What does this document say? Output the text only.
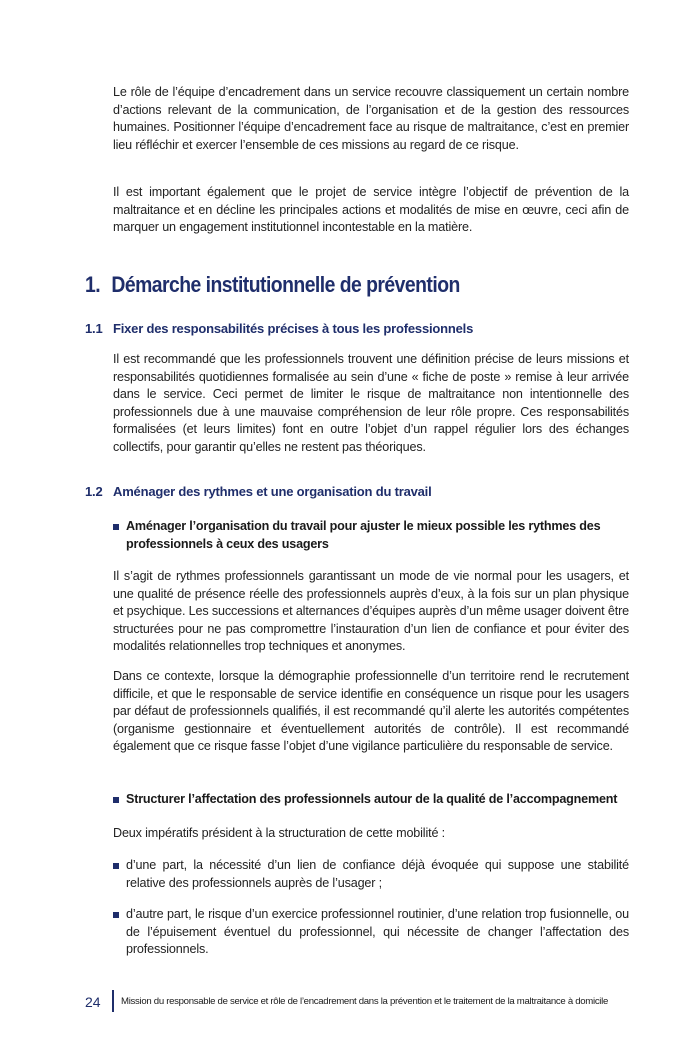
Le rôle de l’équipe d’encadrement dans un service recouvre classiquement un certain nombre d’actions relevant de la communication, de l’organisation et de la gestion des ressources humaines. Positionner l’équipe d’encadrement face au risque de maltraitance, c’est en premier lieu réfléchir et exercer l’ensemble de ces missions au regard de ce risque.

Il est important également que le projet de service intègre l’objectif de prévention de la maltraitance et en décline les principales actions et modalités de mise en œuvre, ceci afin de marquer un engagement institutionnel incontestable en la matière.

1. Démarche institutionnelle de prévention
1.1 Fixer des responsabilités précises à tous les professionnels

Il est recommandé que les professionnels trouvent une définition précise de leurs missions et responsabilités quotidiennes formalisée au sein d’une « fiche de poste » remise à leur arrivée dans le service. Ceci permet de limiter le risque de maltraitance non intentionnelle des professionnels due à une mauvaise compréhension de leur rôle propre. Ces responsabilités formalisées (et leurs limites) font en outre l’objet d’un rappel régulier lors des échanges collectifs, pour garantir qu’elles ne restent pas théoriques.

1.2 Aménager des rythmes et une organisation du travail
Aménager l’organisation du travail pour ajuster le mieux possible les rythmes des professionnels à ceux des usagers

Il s’agit de rythmes professionnels garantissant un mode de vie normal pour les usagers, et une qualité de présence réelle des professionnels auprès d’eux, à la fois sur un plan physique et psychique. Les successions et alternances d’équipes auprès d’un même usager doivent être structurées pour ne pas compromettre l’instauration d’un lien de confiance et pour éviter des modalités relationnelles trop techniques et anonymes.

Dans ce contexte, lorsque la démographie professionnelle d’un territoire rend le recrutement difficile, et que le responsable de service identifie en conséquence un risque pour les usagers par défaut de professionnels qualifiés, il est recommandé qu’il alerte les autorités compétentes (organisme gestionnaire et éventuellement autorités de contrôle). Il est recommandé également que ce risque fasse l’objet d’une vigilance particulière du responsable de service.

Structurer l’affectation des professionnels autour de la qualité de l’accompagnement

Deux impératifs président à la structuration de cette mobilité :

d’une part, la nécessité d’un lien de confiance déjà évoquée qui suppose une stabilité relative des professionnels auprès de l’usager ;
d’autre part, le risque d’un exercice professionnel routinier, d’une relation trop fusionnelle, ou de l’épuisement éventuel du professionnel, qui nécessite de changer l’affectation des professionnels.
24 Mission du responsable de service et rôle de l’encadrement dans la prévention et le traitement de la maltraitance à domicile
